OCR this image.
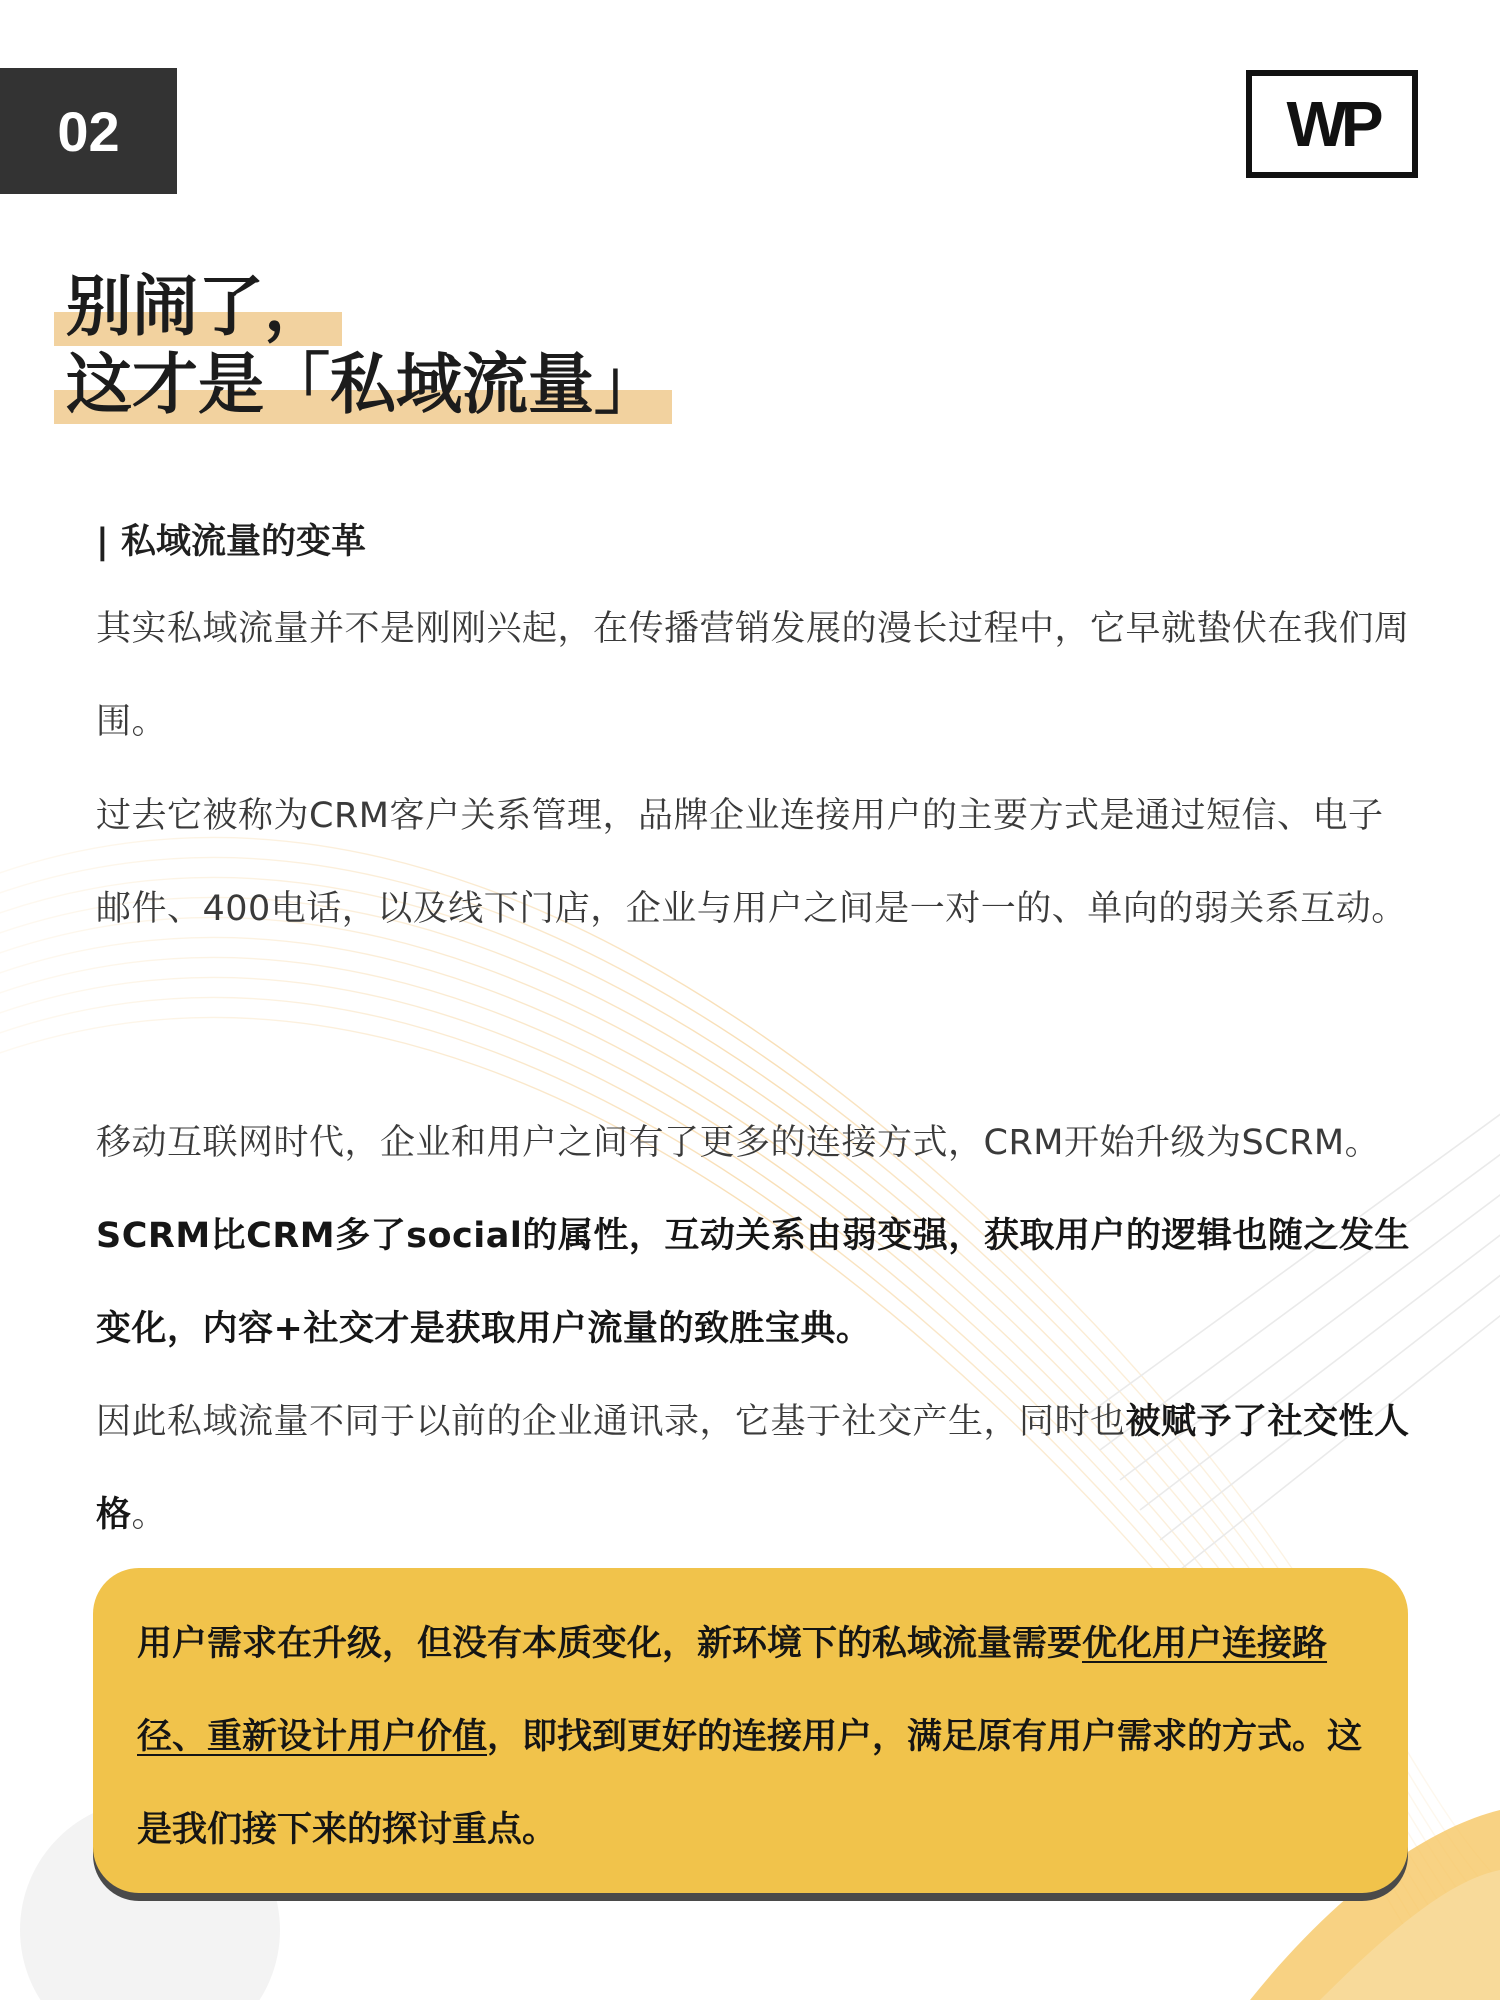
02	WP
别闹了，
这才是「私域流量」
| 私域流量的变革
其实私域流量并不是刚刚兴起，在传播营销发展的漫长过程中，它早就蛰伏在我们周围。
过去它被称为CRM客户关系管理，品牌企业连接用户的主要方式是通过短信、电子邮件、400电话，以及线下门店，企业与用户之间是一对一的、单向的弱关系互动。
移动互联网时代，企业和用户之间有了更多的连接方式，CRM开始升级为SCRM。SCRM比CRM多了social的属性，互动关系由弱变强，获取用户的逻辑也随之发生变化，内容+社交才是获取用户流量的致胜宝典。
因此私域流量不同于以前的企业通讯录，它基于社交产生，同时也被赋予了社交性人格。
用户需求在升级，但没有本质变化，新环境下的私域流量需要优化用户连接路径、重新设计用户价值，即找到更好的连接用户，满足原有用户需求的方式。这是我们接下来的探讨重点。
